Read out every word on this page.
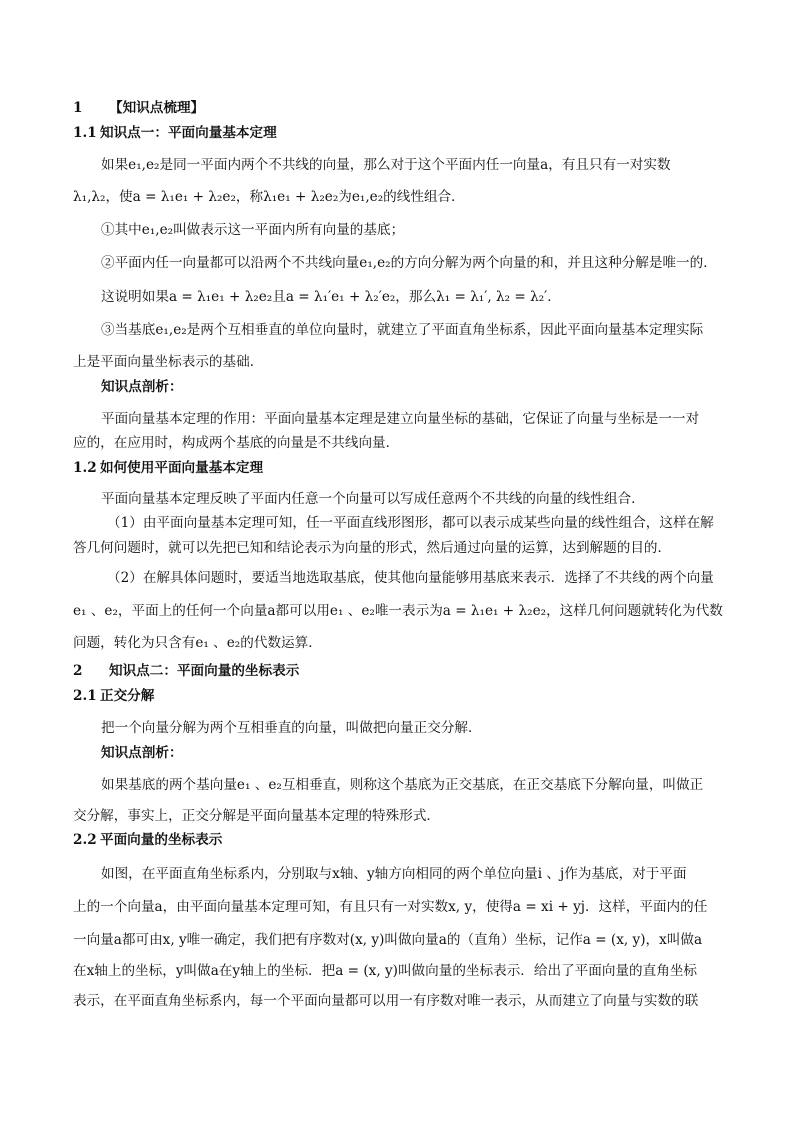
1 【知识点梳理】
1.1 知识点一：平面向量基本定理
如果e₁,e₂是同一平面内两个不共线的向量，那么对于这个平面内任一向量a，有且只有一对实数
λ₁,λ₂，使a = λ₁e₁ + λ₂e₂，称λ₁e₁ + λ₂e₂为e₁,e₂的线性组合．
①其中e₁,e₂叫做表示这一平面内所有向量的基底；
②平面内任一向量都可以沿两个不共线向量e₁,e₂的方向分解为两个向量的和，并且这种分解是唯一的．
这说明如果a = λ₁e₁ + λ₂e₂且a = λ₁′e₁ + λ₂′e₂，那么λ₁ = λ₁′, λ₂ = λ₂′．
③当基底e₁,e₂是两个互相垂直的单位向量时，就建立了平面直角坐标系，因此平面向量基本定理实际
上是平面向量坐标表示的基础．
知识点剖析：
平面向量基本定理的作用：平面向量基本定理是建立向量坐标的基础，它保证了向量与坐标是一一对
应的，在应用时，构成两个基底的向量是不共线向量．
1.2 如何使用平面向量基本定理
平面向量基本定理反映了平面内任意一个向量可以写成任意两个不共线的向量的线性组合．
（1）由平面向量基本定理可知，任一平面直线形图形，都可以表示成某些向量的线性组合，这样在解
答几何问题时，就可以先把已知和结论表示为向量的形式，然后通过向量的运算，达到解题的目的．
（2）在解具体问题时，要适当地选取基底，使其他向量能够用基底来表示．选择了不共线的两个向量
e₁ 、e₂，平面上的任何一个向量a都可以用e₁ 、e₂唯一表示为a = λ₁e₁ + λ₂e₂，这样几何问题就转化为代数
问题，转化为只含有e₁ 、e₂的代数运算．
2 知识点二：平面向量的坐标表示
2.1 正交分解
把一个向量分解为两个互相垂直的向量，叫做把向量正交分解．
知识点剖析：
如果基底的两个基向量e₁ 、e₂互相垂直，则称这个基底为正交基底，在正交基底下分解向量，叫做正
交分解，事实上，正交分解是平面向量基本定理的特殊形式．
2.2 平面向量的坐标表示
如图，在平面直角坐标系内，分别取与x轴、y轴方向相同的两个单位向量i 、j作为基底，对于平面
上的一个向量a，由平面向量基本定理可知，有且只有一对实数x, y，使得a = xi + yj．这样，平面内的任
一向量a都可由x, y唯一确定，我们把有序数对(x, y)叫做向量a的（直角）坐标，记作a = (x, y)，x叫做a
在x轴上的坐标，y叫做a在y轴上的坐标．把a = (x, y)叫做向量的坐标表示．给出了平面向量的直角坐标
表示，在平面直角坐标系内，每一个平面向量都可以用一有序数对唯一表示，从而建立了向量与实数的联
